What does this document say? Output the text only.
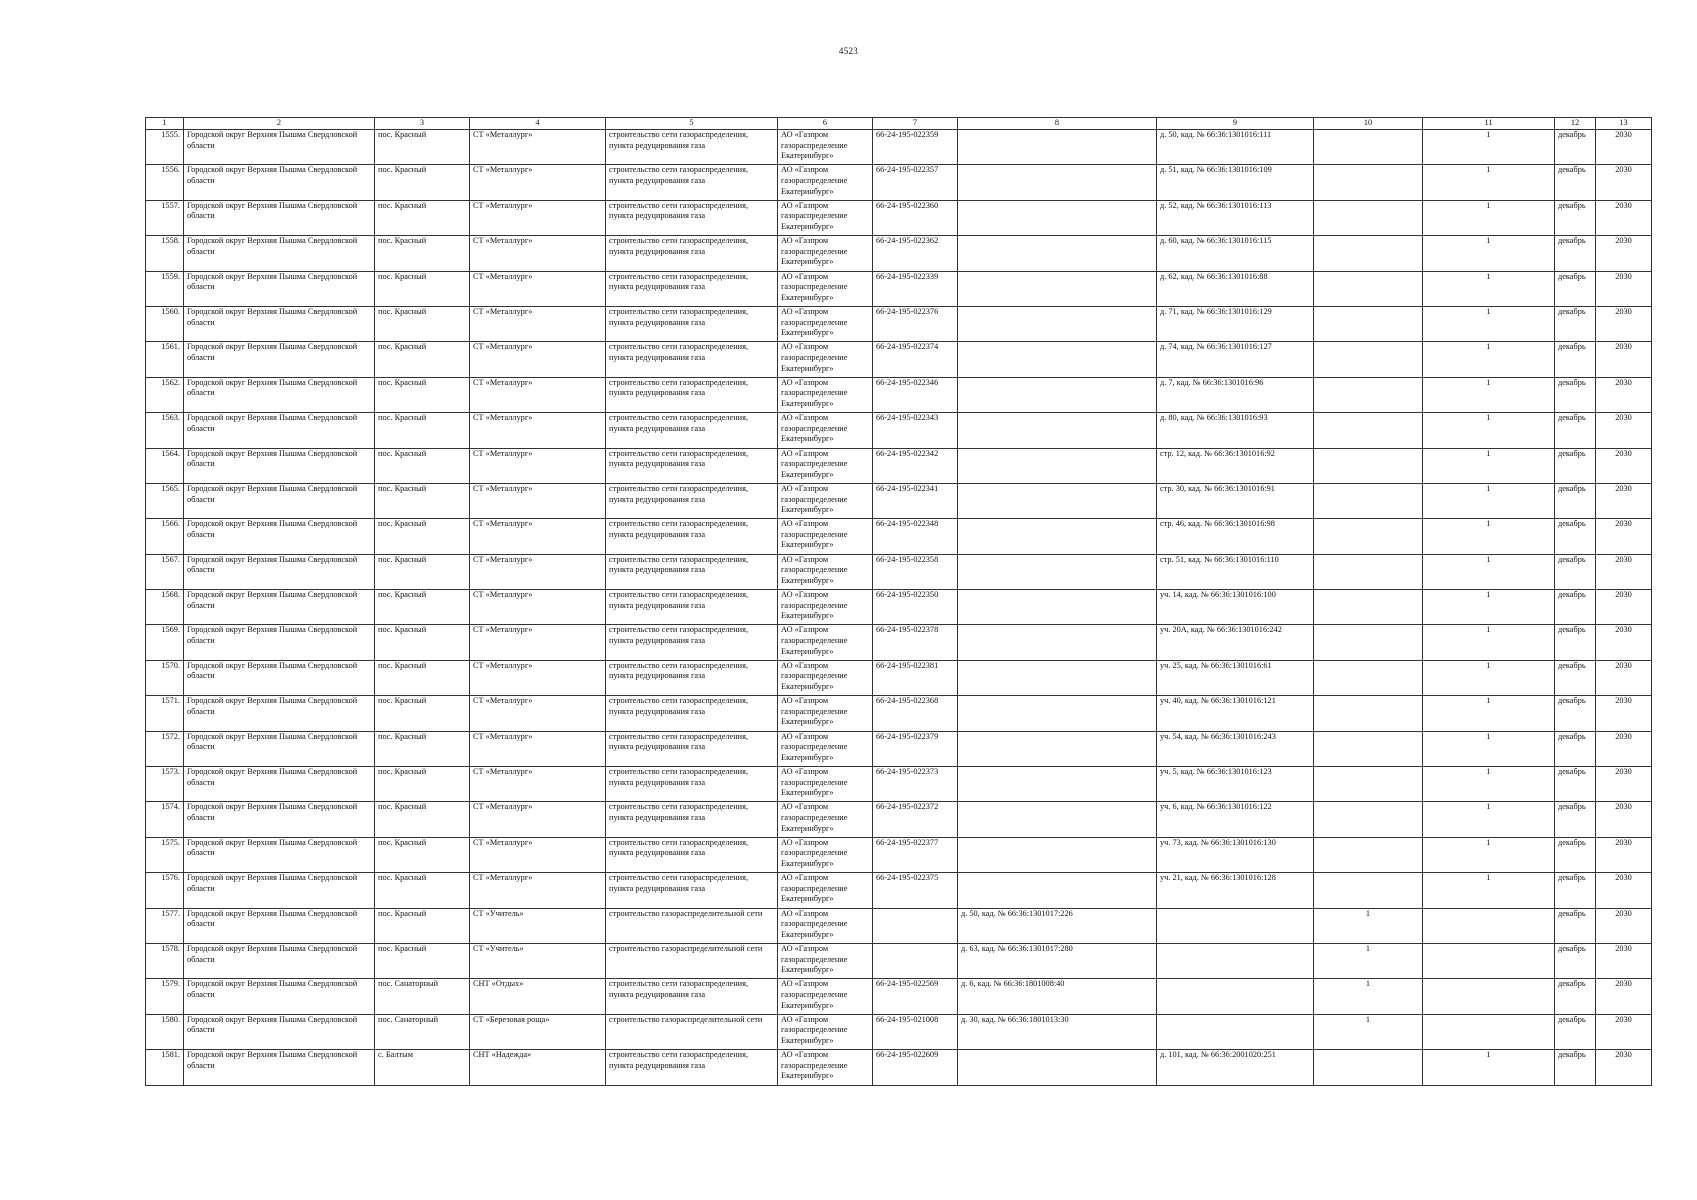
4523
1	2	3	4	5	6	7	8	9	10	11	12	13
1555.	Городской округ Верхняя Пышма Свердловской области	пос. Красный	СТ «Металлург»	строительство сети газораспределения, пункта редуцирования газа	АО «Газпром газораспределение Екатеринбург»	66-24-195-022359		д. 50, кад. № 66:36:1301016:111		1	декабрь	2030
1556.	Городской округ Верхняя Пышма Свердловской области	пос. Красный	СТ «Металлург»	строительство сети газораспределения, пункта редуцирования газа	АО «Газпром газораспределение Екатеринбург»	66-24-195-022357		д. 51, кад. № 66:36:1301016:109		1	декабрь	2030
1557.	Городской округ Верхняя Пышма Свердловской области	пос. Красный	СТ «Металлург»	строительство сети газораспределения, пункта редуцирования газа	АО «Газпром газораспределение Екатеринбург»	66-24-195-022360		д. 52, кад. № 66:36:1301016:113		1	декабрь	2030
1558.	Городской округ Верхняя Пышма Свердловской области	пос. Красный	СТ «Металлург»	строительство сети газораспределения, пункта редуцирования газа	АО «Газпром газораспределение Екатеринбург»	66-24-195-022362		д. 60, кад. № 66:36:1301016:115		1	декабрь	2030
1559.	Городской округ Верхняя Пышма Свердловской области	пос. Красный	СТ «Металлург»	строительство сети газораспределения, пункта редуцирования газа	АО «Газпром газораспределение Екатеринбург»	66-24-195-022339		д. 62, кад. № 66:36:1301016:88		1	декабрь	2030
1560.	Городской округ Верхняя Пышма Свердловской области	пос. Красный	СТ «Металлург»	строительство сети газораспределения, пункта редуцирования газа	АО «Газпром газораспределение Екатеринбург»	66-24-195-022376		д. 71, кад. № 66:36:1301016:129		1	декабрь	2030
1561.	Городской округ Верхняя Пышма Свердловской области	пос. Красный	СТ «Металлург»	строительство сети газораспределения, пункта редуцирования газа	АО «Газпром газораспределение Екатеринбург»	66-24-195-022374		д. 74, кад. № 66:36:1301016:127		1	декабрь	2030
1562.	Городской округ Верхняя Пышма Свердловской области	пос. Красный	СТ «Металлург»	строительство сети газораспределения, пункта редуцирования газа	АО «Газпром газораспределение Екатеринбург»	66-24-195-022346		д. 7, кад. № 66:36:1301016:96		1	декабрь	2030
1563.	Городской округ Верхняя Пышма Свердловской области	пос. Красный	СТ «Металлург»	строительство сети газораспределения, пункта редуцирования газа	АО «Газпром газораспределение Екатеринбург»	66-24-195-022343		д. 80, кад. № 66:36:1301016:93		1	декабрь	2030
1564.	Городской округ Верхняя Пышма Свердловской области	пос. Красный	СТ «Металлург»	строительство сети газораспределения, пункта редуцирования газа	АО «Газпром газораспределение Екатеринбург»	66-24-195-022342		стр. 12, кад. № 66:36:1301016:92		1	декабрь	2030
1565.	Городской округ Верхняя Пышма Свердловской области	пос. Красный	СТ «Металлург»	строительство сети газораспределения, пункта редуцирования газа	АО «Газпром газораспределение Екатеринбург»	66-24-195-022341		стр. 30, кад. № 66:36:1301016:91		1	декабрь	2030
1566.	Городской округ Верхняя Пышма Свердловской области	пос. Красный	СТ «Металлург»	строительство сети газораспределения, пункта редуцирования газа	АО «Газпром газораспределение Екатеринбург»	66-24-195-022348		стр. 46, кад. № 66:36:1301016:98		1	декабрь	2030
1567.	Городской округ Верхняя Пышма Свердловской области	пос. Красный	СТ «Металлург»	строительство сети газораспределения, пункта редуцирования газа	АО «Газпром газораспределение Екатеринбург»	66-24-195-022358		стр. 51, кад. № 66:36:1301016:110		1	декабрь	2030
1568.	Городской округ Верхняя Пышма Свердловской области	пос. Красный	СТ «Металлург»	строительство сети газораспределения, пункта редуцирования газа	АО «Газпром газораспределение Екатеринбург»	66-24-195-022350		уч. 14, кад. № 66:36:1301016:100		1	декабрь	2030
1569.	Городской округ Верхняя Пышма Свердловской области	пос. Красный	СТ «Металлург»	строительство сети газораспределения, пункта редуцирования газа	АО «Газпром газораспределение Екатеринбург»	66-24-195-022378		уч. 20А, кад. № 66:36:1301016:242		1	декабрь	2030
1570.	Городской округ Верхняя Пышма Свердловской области	пос. Красный	СТ «Металлург»	строительство сети газораспределения, пункта редуцирования газа	АО «Газпром газораспределение Екатеринбург»	66-24-195-022381		уч. 25, кад. № 66:36:1301016:61		1	декабрь	2030
1571.	Городской округ Верхняя Пышма Свердловской области	пос. Красный	СТ «Металлург»	строительство сети газораспределения, пункта редуцирования газа	АО «Газпром газораспределение Екатеринбург»	66-24-195-022368		уч. 40, кад. № 66:36:1301016:121		1	декабрь	2030
1572.	Городской округ Верхняя Пышма Свердловской области	пос. Красный	СТ «Металлург»	строительство сети газораспределения, пункта редуцирования газа	АО «Газпром газораспределение Екатеринбург»	66-24-195-022379		уч. 54, кад. № 66:36:1301016:243		1	декабрь	2030
1573.	Городской округ Верхняя Пышма Свердловской области	пос. Красный	СТ «Металлург»	строительство сети газораспределения, пункта редуцирования газа	АО «Газпром газораспределение Екатеринбург»	66-24-195-022373		уч. 5, кад. № 66:36:1301016:123		1	декабрь	2030
1574.	Городской округ Верхняя Пышма Свердловской области	пос. Красный	СТ «Металлург»	строительство сети газораспределения, пункта редуцирования газа	АО «Газпром газораспределение Екатеринбург»	66-24-195-022372		уч. 6, кад. № 66:36:1301016:122		1	декабрь	2030
1575.	Городской округ Верхняя Пышма Свердловской области	пос. Красный	СТ «Металлург»	строительство сети газораспределения, пункта редуцирования газа	АО «Газпром газораспределение Екатеринбург»	66-24-195-022377		уч. 73, кад. № 66:36:1301016:130		1	декабрь	2030
1576.	Городской округ Верхняя Пышма Свердловской области	пос. Красный	СТ «Металлург»	строительство сети газораспределения, пункта редуцирования газа	АО «Газпром газораспределение Екатеринбург»	66-24-195-022375		уч. 21, кад. № 66:36:1301016:128		1	декабрь	2030
1577.	Городской округ Верхняя Пышма Свердловской области	пос. Красный	СТ «Учитель»	строительство газораспределительной сети	АО «Газпром газораспределение Екатеринбург»		д. 50, кад. № 66:36:1301017:226		1		декабрь	2030
1578.	Городской округ Верхняя Пышма Свердловской области	пос. Красный	СТ «Учитель»	строительство газораспределительной сети	АО «Газпром газораспределение Екатеринбург»		д. 63, кад. № 66:36:1301017:280		1		декабрь	2030
1579.	Городской округ Верхняя Пышма Свердловской области	пос. Санаторный	СНТ «Отдых»	строительство сети газораспределения, пункта редуцирования газа	АО «Газпром газораспределение Екатеринбург»	66-24-195-022569	д. 6, кад. № 66:36:1801008:40		1		декабрь	2030
1580.	Городской округ Верхняя Пышма Свердловской области	пос. Санаторный	СТ «Березовая роща»	строительство газораспределительной сети	АО «Газпром газораспределение Екатеринбург»	66-24-195-021008	д. 30, кад. № 66:36:1801013:30		1		декабрь	2030
1581.	Городской округ Верхняя Пышма Свердловской области	с. Балтым	СНТ «Надежда»	строительство сети газораспределения, пункта редуцирования газа	АО «Газпром газораспределение Екатеринбург»	66-24-195-022609		д. 101, кад. № 66:36:2001020:251		1	декабрь	2030
